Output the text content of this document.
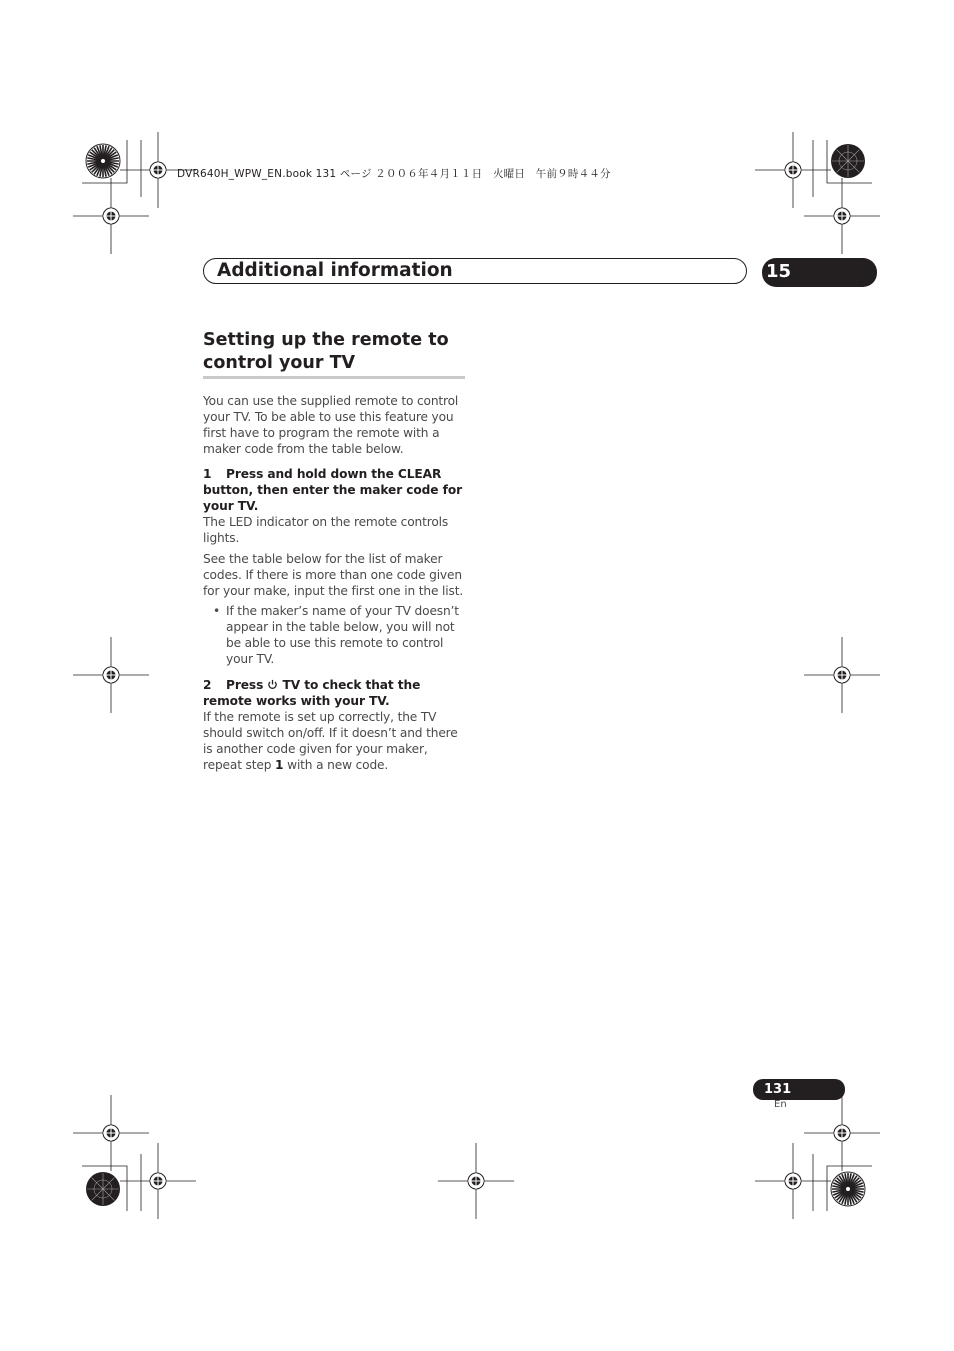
DVR640H_WPW_EN.book 131 ページ ２００６年４月１１日　火曜日　午前９時４４分
Additional information	15
Setting up the remote to control your TV

You can use the supplied remote to control your TV. To be able to use this feature you first have to program the remote with a maker code from the table below.

1 Press and hold down the CLEAR button, then enter the maker code for your TV.

The LED indicator on the remote controls lights.

See the table below for the list of maker codes. If there is more than one code given for your make, input the first one in the list.

• If the maker’s name of your TV doesn’t appear in the table below, you will not be able to use this remote to control your TV.

2 Press TV to check that the remote works with your TV.

If the remote is set up correctly, the TV should switch on/off. If it doesn’t and there is another code given for your maker, repeat step 1 with a new code.

131
En
